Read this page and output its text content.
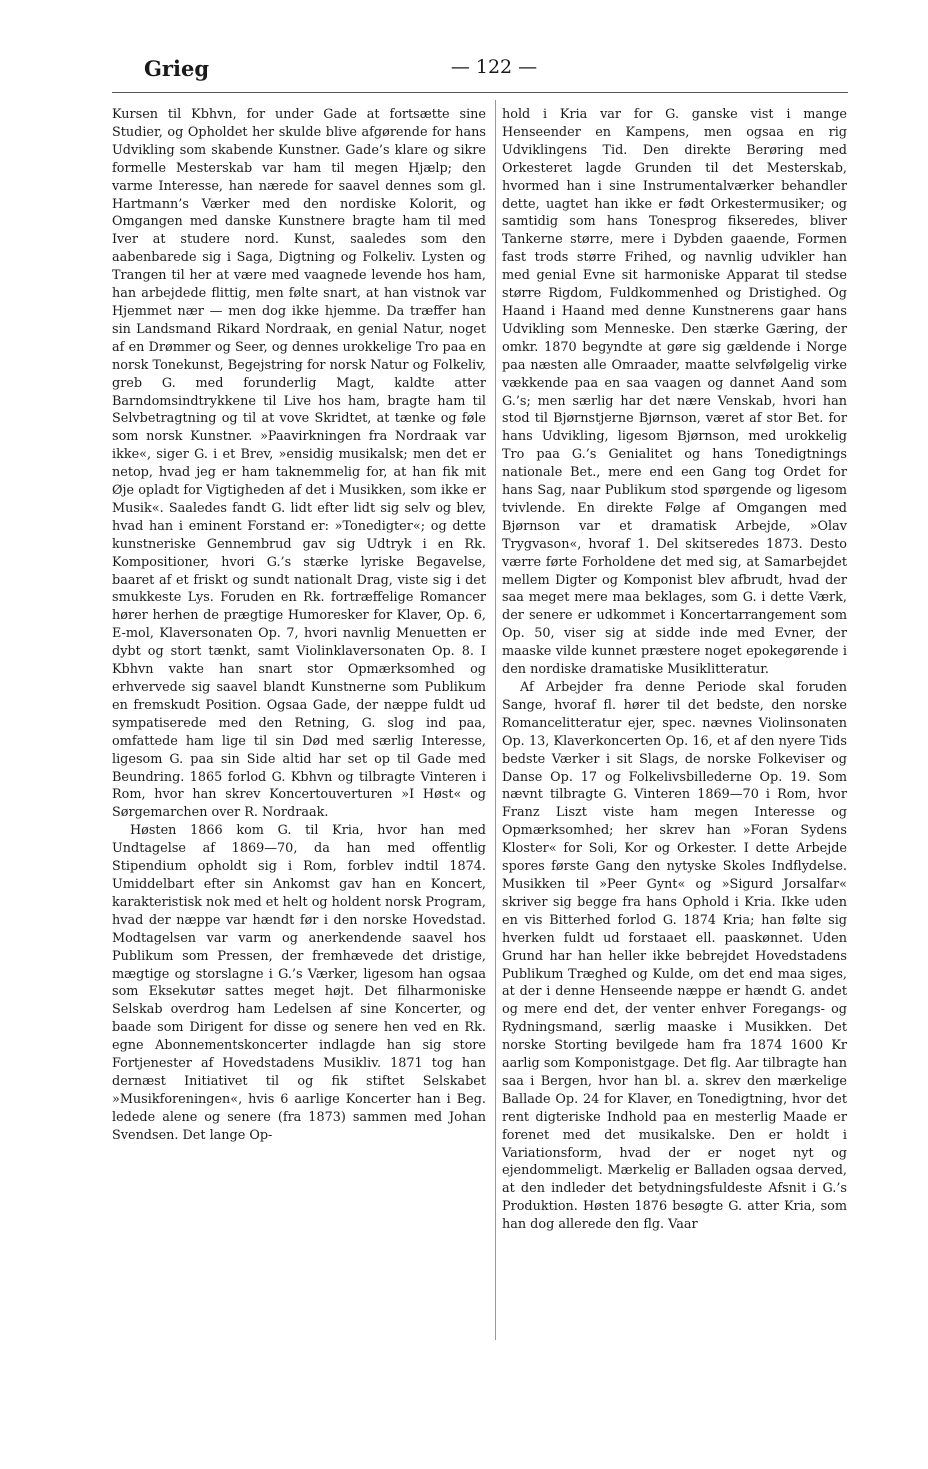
Grieg	— 122 —

Kursen til Kbhvn, for under Gade at fortsætte sine Studier, og Opholdet her skulde blive afgørende for hans Udvikling som skabende Kunstner. Gade’s klare og sikre formelle Mesterskab var ham til megen Hjælp; den varme Interesse, han nærede for saavel dennes som gl. Hartmann’s Værker med den nordiske Kolorit, og Omgangen med danske Kunstnere bragte ham til med Iver at studere nord. Kunst, saaledes som den aabenbarede sig i Saga, Digtning og Folkeliv. Lysten og Trangen til her at være med vaagnede levende hos ham, han arbejdede flittig, men følte snart, at han vistnok var Hjemmet nær — men dog ikke hjemme. Da træffer han sin Landsmand Rikard Nordraak, en genial Natur, noget af en Drømmer og Seer, og dennes urokkelige Tro paa en norsk Tonekunst, Begejstring for norsk Natur og Folkeliv, greb G. med forunderlig Magt, kaldte atter Barndomsindtrykkene til Live hos ham, bragte ham til Selvbetragtning og til at vove Skridtet, at tænke og føle som norsk Kunstner. »Paavirkningen fra Nordraak var ikke«, siger G. i et Brev, »ensidig musikalsk; men det er netop, hvad jeg er ham taknemmelig for, at han fik mit Øje opladt for Vigtigheden af det i Musikken, som ikke er Musik«. Saaledes fandt G. lidt efter lidt sig selv og blev, hvad han i eminent Forstand er: »Tonedigter«; og dette kunstneriske Gennembrud gav sig Udtryk i en Rk. Kompositioner, hvori G.’s stærke lyriske Begavelse, baaret af et friskt og sundt nationalt Drag, viste sig i det smukkeste Lys. Foruden en Rk. fortræffelige Romancer hører herhen de prægtige Humoresker for Klaver, Op. 6, E-mol, Klaversonaten Op. 7, hvori navnlig Menuetten er dybt og stort tænkt, samt Violinklaversonaten Op. 8. I Kbhvn vakte han snart stor Opmærksomhed og erhvervede sig saavel blandt Kunstnerne som Publikum en fremskudt Position. Ogsaa Gade, der næppe fuldt ud sympatiserede med den Retning, G. slog ind paa, omfattede ham lige til sin Død med særlig Interesse, ligesom G. paa sin Side altid har set op til Gade med Beundring. 1865 forlod G. Kbhvn og tilbragte Vinteren i Rom, hvor han skrev Koncertouverturen »I Høst« og Sørgemarchen over R. Nordraak.

Høsten 1866 kom G. til Kria, hvor han med Undtagelse af 1869—70, da han med offentlig Stipendium opholdt sig i Rom, forblev indtil 1874. Umiddelbart efter sin Ankomst gav han en Koncert, karakteristisk nok med et helt og holdent norsk Program, hvad der næppe var hændt før i den norske Hovedstad. Modtagelsen var varm og anerkendende saavel hos Publikum som Pressen, der fremhævede det dristige, mægtige og storslagne i G.’s Værker, ligesom han ogsaa som Eksekutør sattes meget højt. Det filharmoniske Selskab overdrog ham Ledelsen af sine Koncerter, og baade som Dirigent for disse og senere hen ved en Rk. egne Abonnementskoncerter indlagde han sig store Fortjenester af Hovedstadens Musikliv. 1871 tog han dernæst Initiativet til og fik stiftet Selskabet »Musikforeningen«, hvis 6 aarlige Koncerter han i Beg. ledede alene og senere (fra 1873) sammen med Johan Svendsen. Det lange Op-

hold i Kria var for G. ganske vist i mange Henseender en Kampens, men ogsaa en rig Udviklingens Tid. Den direkte Berøring med Orkesteret lagde Grunden til det Mesterskab, hvormed han i sine Instrumentalværker behandler dette, uagtet han ikke er født Orkestermusiker; og samtidig som hans Tonesprog fikseredes, bliver Tankerne større, mere i Dybden gaaende, Formen fast trods større Frihed, og navnlig udvikler han med genial Evne sit harmoniske Apparat til stedse større Rigdom, Fuldkommenhed og Dristighed. Og Haand i Haand med denne Kunstnerens gaar hans Udvikling som Menneske. Den stærke Gæring, der omkr. 1870 begyndte at gøre sig gældende i Norge paa næsten alle Omraader, maatte selvfølgelig virke vækkende paa en saa vaagen og dannet Aand som G.’s; men særlig har det nære Venskab, hvori han stod til Bjørnstjerne Bjørnson, været af stor Bet. for hans Udvikling, ligesom Bjørnson, med urokkelig Tro paa G.’s Genialitet og hans Tonedigtnings nationale Bet., mere end een Gang tog Ordet for hans Sag, naar Publikum stod spørgende og ligesom tvivlende. En direkte Følge af Omgangen med Bjørnson var et dramatisk Arbejde, »Olav Trygvason«, hvoraf 1. Del skitseredes 1873. Desto værre førte Forholdene det med sig, at Samarbejdet mellem Digter og Komponist blev afbrudt, hvad der saa meget mere maa beklages, som G. i dette Værk, der senere er udkommet i Koncertarrangement som Op. 50, viser sig at sidde inde med Evner, der maaske vilde kunnet præstere noget epokegørende i den nordiske dramatiske Musiklitteratur.

Af Arbejder fra denne Periode skal foruden Sange, hvoraf fl. hører til det bedste, den norske Romancelitteratur ejer, spec. nævnes Violinsonaten Op. 13, Klaverkoncerten Op. 16, et af den nyere Tids bedste Værker i sit Slags, de norske Folkeviser og Danse Op. 17 og Folkelivsbillederne Op. 19. Som nævnt tilbragte G. Vinteren 1869—70 i Rom, hvor Franz Liszt viste ham megen Interesse og Opmærksomhed; her skrev han »Foran Sydens Kloster« for Soli, Kor og Orkester. I dette Arbejde spores første Gang den nytyske Skoles Indflydelse. Musikken til »Peer Gynt« og »Sigurd Jorsalfar« skriver sig begge fra hans Ophold i Kria. Ikke uden en vis Bitterhed forlod G. 1874 Kria; han følte sig hverken fuldt ud forstaaet ell. paaskønnet. Uden Grund har han heller ikke bebrejdet Hovedstadens Publikum Træghed og Kulde, om det end maa siges, at der i denne Henseende næppe er hændt G. andet og mere end det, der venter enhver Foregangs- og Rydningsmand, særlig maaske i Musikken. Det norske Storting bevilgede ham fra 1874 1600 Kr aarlig som Komponistgage. Det flg. Aar tilbragte han saa i Bergen, hvor han bl. a. skrev den mærkelige Ballade Op. 24 for Klaver, en Tonedigtning, hvor det rent digteriske Indhold paa en mesterlig Maade er forenet med det musikalske. Den er holdt i Variationsform, hvad der er noget nyt og ejendommeligt. Mærkelig er Balladen ogsaa derved, at den indleder det betydningsfuldeste Afsnit i G.’s Produktion. Høsten 1876 besøgte G. atter Kria, som han dog allerede den flg. Vaar
